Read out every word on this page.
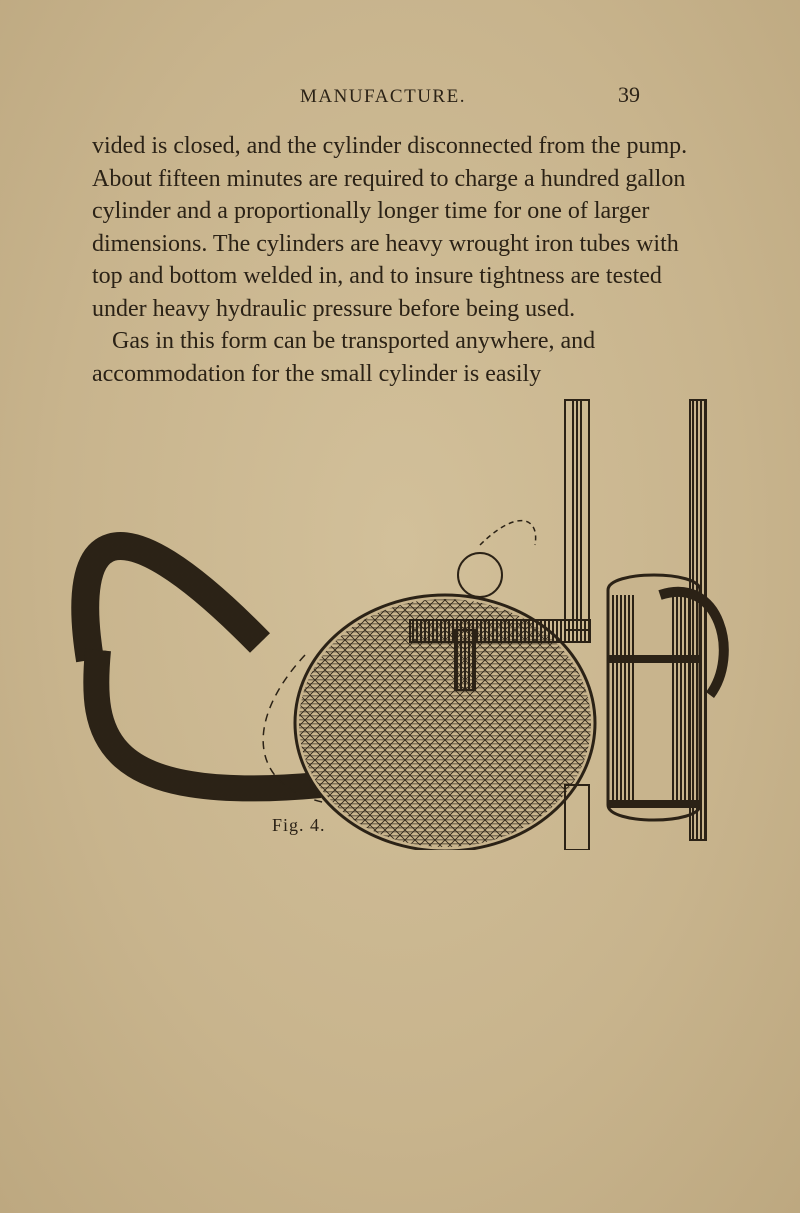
MANUFACTURE.	39

vided is closed, and the cylinder disconnected from the pump. About fifteen minutes are required to charge a hundred gallon cylinder and a proportionally longer time for one of larger dimensions. The cylinders are heavy wrought iron tubes with top and bottom welded in, and to insure tightness are tested under heavy hydraulic pressure before being used.

Gas in this form can be transported anywhere, and accommodation for the small cylinder is easily

Fig. 4.
